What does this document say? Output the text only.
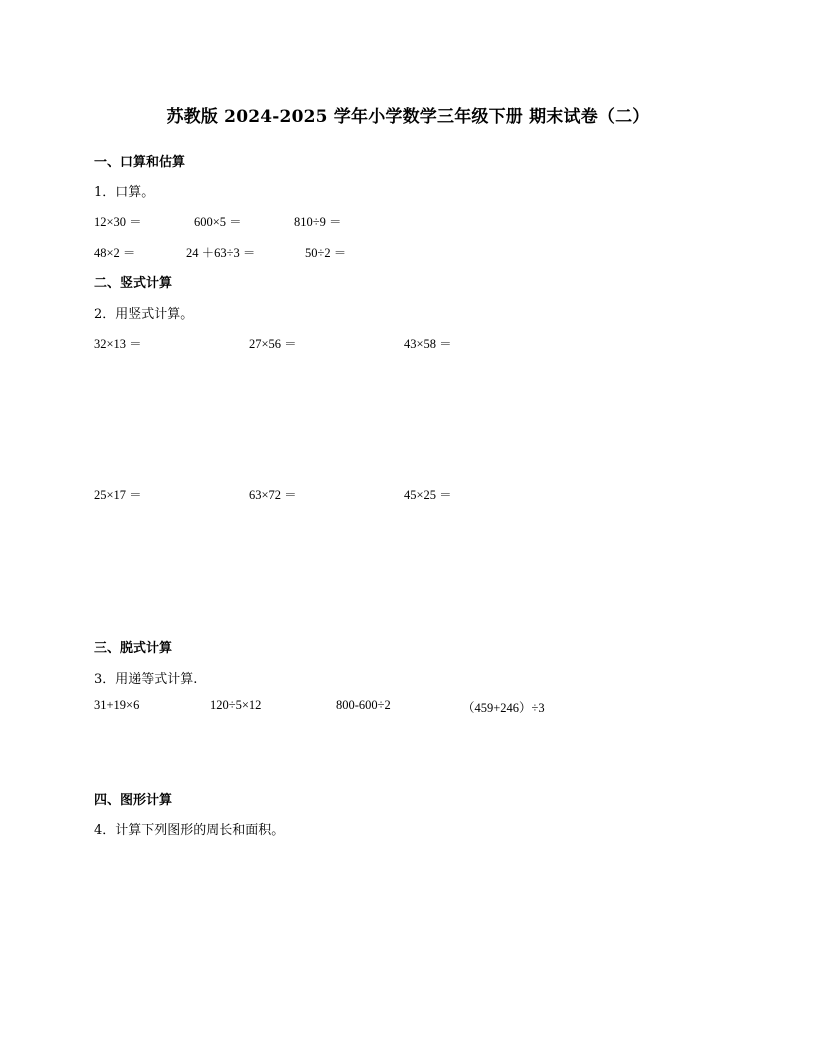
苏教版 2024-2025 学年小学数学三年级下册 期末试卷（二）
一、口算和估算
1．口算。
12×30 ＝	600×5 ＝	810÷9 ＝
48×2 ＝	24 ＋63÷3 ＝	50÷2 ＝
二、竖式计算
2．用竖式计算。
32×13 ＝	27×56 ＝	43×58 ＝
25×17 ＝	63×72 ＝	45×25 ＝
三、脱式计算
3．用递等式计算.
31+19×6	120÷5×12	800-600÷2	（459+246）÷3
四、图形计算
4．计算下列图形的周长和面积。
